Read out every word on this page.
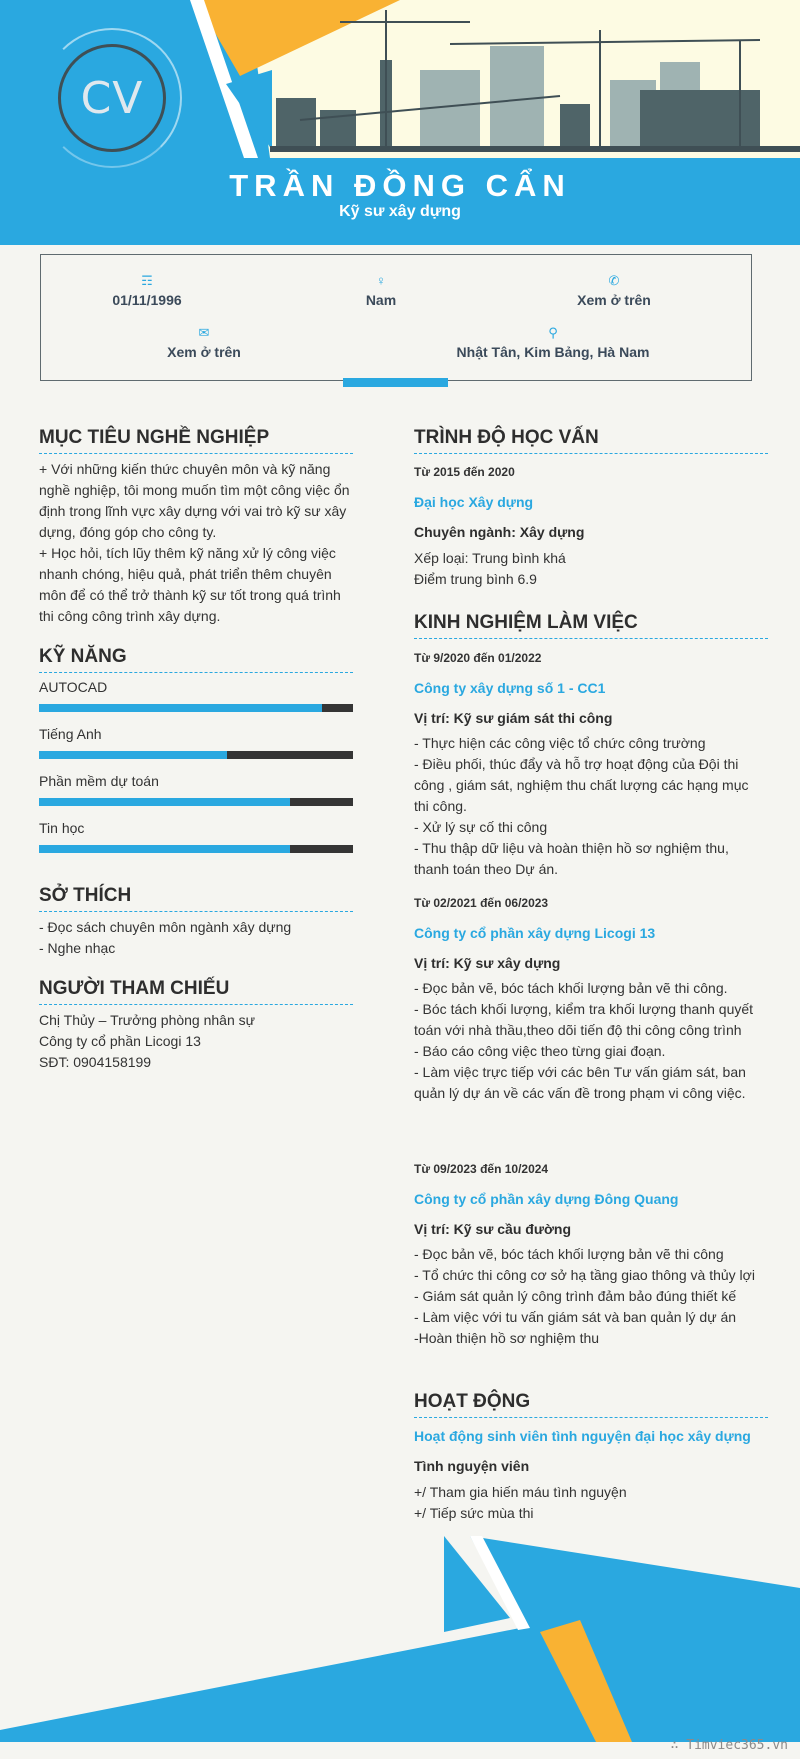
CV
TRẦN ĐỒNG CẨN
Kỹ sư xây dựng
☶
01/11/1996
♀
Nam
✆
Xem ở trên
✉
Xem ở trên
⚲
Nhật Tân, Kim Bảng, Hà Nam
MỤC TIÊU NGHỀ NGHIỆP
+ Với những kiến thức chuyên môn và kỹ năng
nghề nghiệp, tôi mong muốn tìm một công việc ổn
định trong lĩnh vực xây dựng với vai trò kỹ sư xây
dựng, đóng góp cho công ty.
+ Học hỏi, tích lũy thêm kỹ năng xử lý công việc
nhanh chóng, hiệu quả, phát triển thêm chuyên
môn để có thể trở thành kỹ sư tốt trong quá trình
thi công công trình xây dựng.
KỸ NĂNG
AUTOCAD
Tiếng Anh
Phần mềm dự toán
Tin học
SỞ THÍCH
- Đọc sách chuyên môn ngành xây dựng
- Nghe nhạc
NGƯỜI THAM CHIẾU
Chị Thủy – Trưởng phòng nhân sự
Công ty cổ phần Licogi 13
SĐT: 0904158199
TRÌNH ĐỘ HỌC VẤN
Từ 2015 đến 2020
Đại học Xây dựng
Chuyên ngành: Xây dựng
Xếp loại: Trung bình khá
Điểm trung bình 6.9
KINH NGHIỆM LÀM VIỆC
Từ 9/2020 đến 01/2022
Công ty xây dựng số 1 - CC1
Vị trí: Kỹ sư giám sát thi công
- Thực hiện các công việc tổ chức công trường
- Điều phối, thúc đẩy và hỗ trợ hoạt động của Đội thi
công , giám sát, nghiệm thu chất lượng các hạng mục
thi công.
- Xử lý sự cố thi công
- Thu thập dữ liệu và hoàn thiện hồ sơ nghiệm thu,
thanh toán theo Dự án.
Từ 02/2021 đến 06/2023
Công ty cổ phần xây dựng Licogi 13
Vị trí: Kỹ sư xây dựng
- Đọc bản vẽ, bóc tách khối lượng bản vẽ thi công.
- Bóc tách khối lượng, kiểm tra khối lượng thanh quyết
toán với nhà thầu,theo dõi tiến độ thi công công trình
- Báo cáo công việc theo từng giai đoạn.
- Làm việc trực tiếp với các bên Tư vấn giám sát, ban
quản lý dự án về các vấn đề trong phạm vi công việc.
Từ 09/2023 đến 10/2024
Công ty cổ phần xây dựng Đông Quang
Vị trí: Kỹ sư cầu đường
- Đọc bản vẽ, bóc tách khối lượng bản vẽ thi công
- Tổ chức thi công cơ sở hạ tầng giao thông và thủy lợi
- Giám sát quản lý công trình đảm bảo đúng thiết kế
- Làm việc với tu vấn giám sát và ban quản lý dự án
-Hoàn thiện hồ sơ nghiệm thu
HOẠT ĐỘNG
Hoạt động sinh viên tình nguyện đại học xây dựng
Tình nguyện viên
+/ Tham gia hiến máu tình nguyện
+/ Tiếp sức mùa thi
∴ Timviec365.vn
